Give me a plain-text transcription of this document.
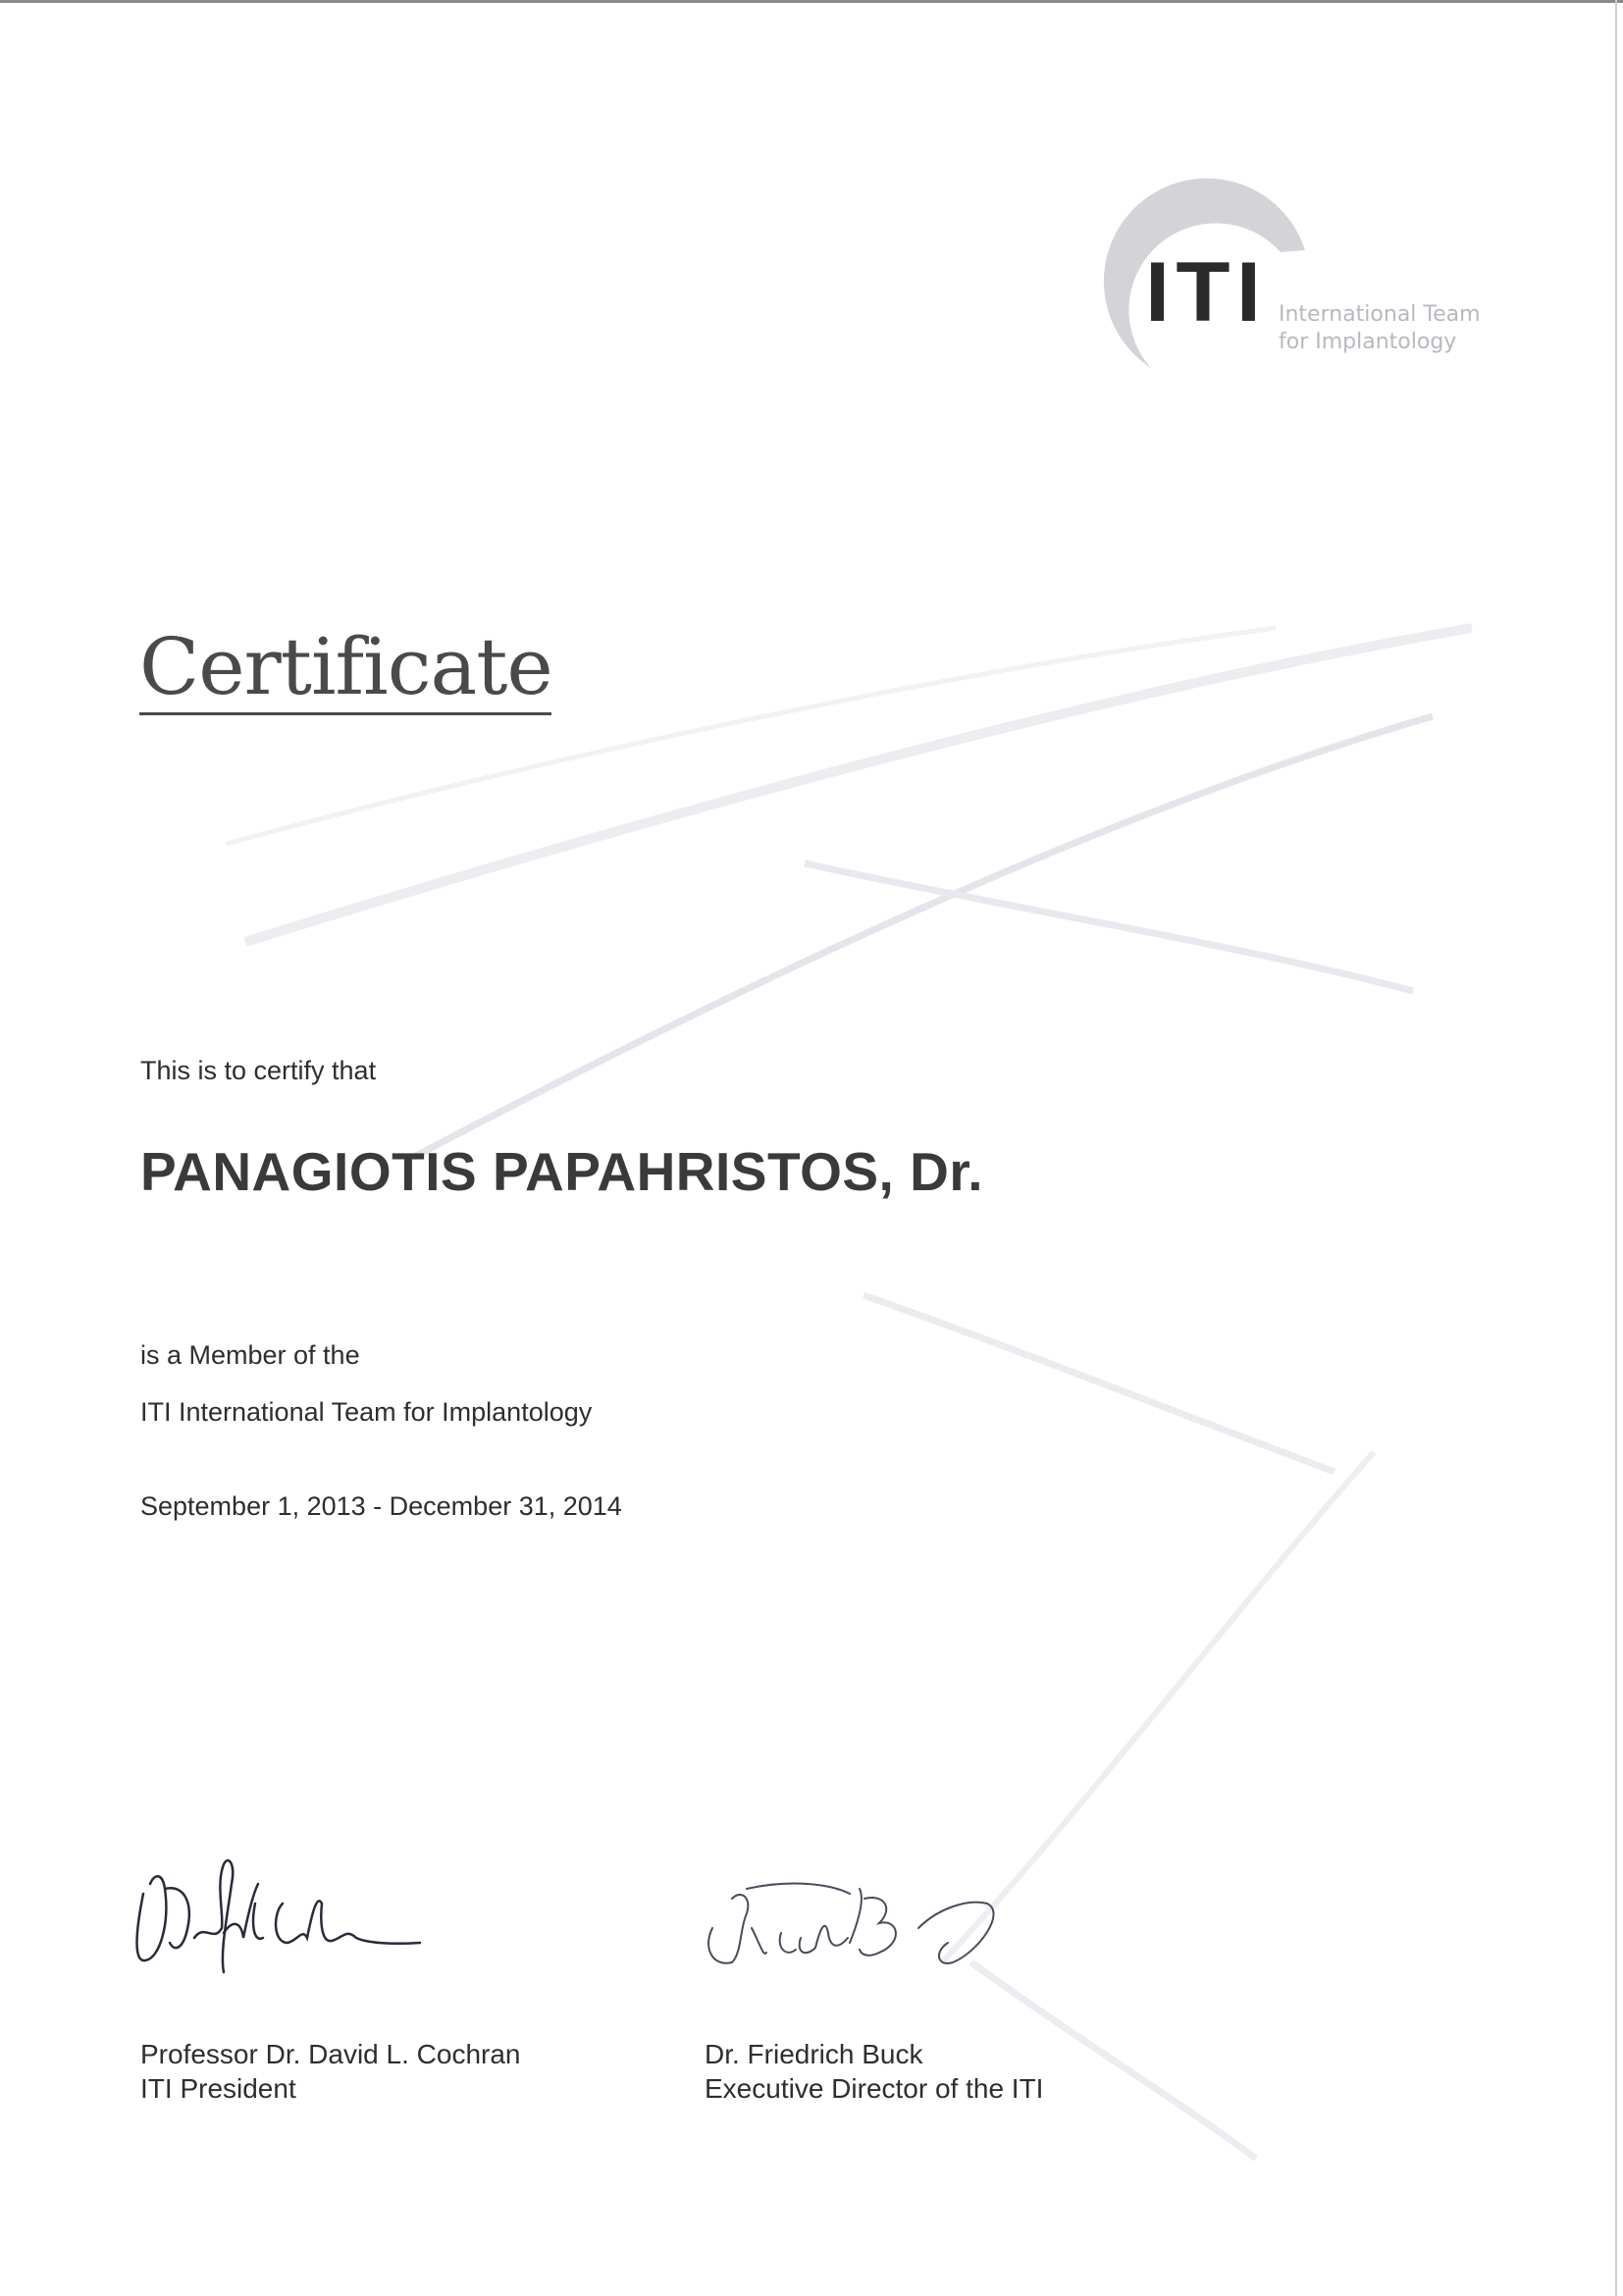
ITI International Team
for Implantology
Certificate
This is to certify that
PANAGIOTIS PAPAHRISTOS, Dr.
is a Member of the
ITI International Team for Implantology
September 1, 2013 - December 31, 2014
Professor Dr. David L. Cochran
ITI President
Dr. Friedrich Buck
Executive Director of the ITI
